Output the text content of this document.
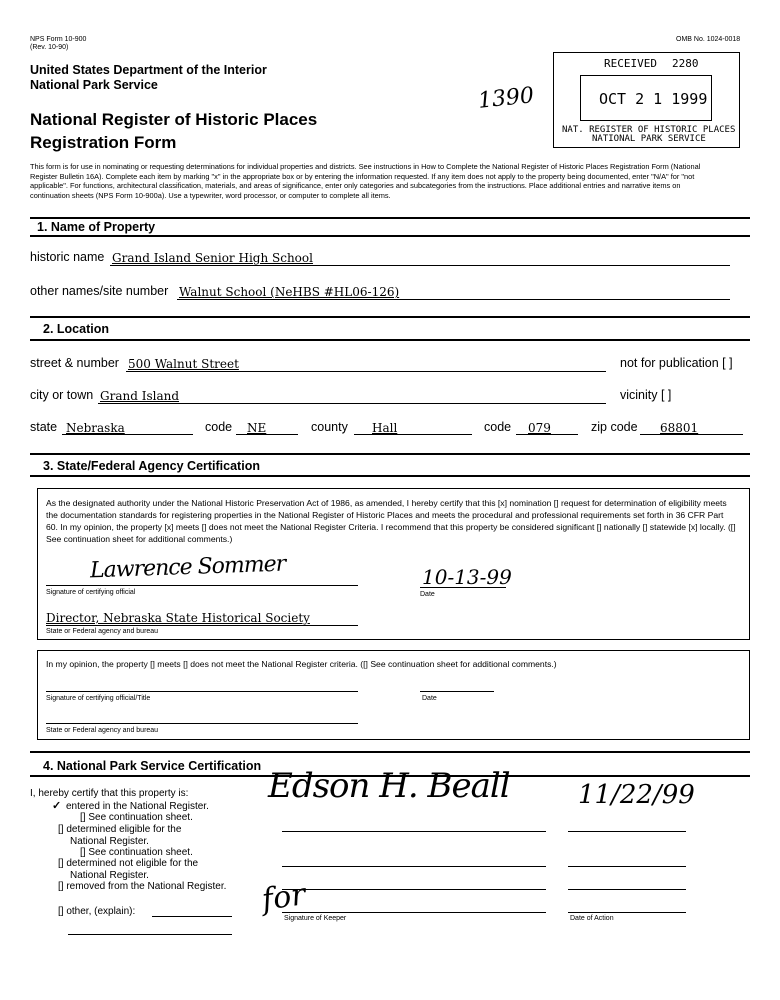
NPS Form 10-900
(Rev. 10-90)
OMB No. 1024-0018
United States Department of the Interior
National Park Service
National Register of Historic Places
Registration Form
1390
RECEIVED 2280
OCT 2 1 1999
NAT. REGISTER OF HISTORIC PLACES
NATIONAL PARK SERVICE
This form is for use in nominating or requesting determinations for individual properties and districts. See instructions in How to Complete the National Register of Historic Places Registration Form (National Register Bulletin 16A). Complete each item by marking "x" in the appropriate box or by entering the information requested. If any item does not apply to the property being documented, enter "N/A" for "not applicable". For functions, architectural classification, materials, and areas of significance, enter only categories and subcategories from the instructions. Place additional entries and narrative items on continuation sheets (NPS Form 10-900a). Use a typewriter, word processor, or computer to complete all items.
1. Name of Property
historic name Grand Island Senior High School
other names/site number Walnut School (NeHBS #HL06-126)
2. Location
street & number 500 Walnut Street	not for publication [ ]
city or town Grand Island	vicinity [ ]
state Nebraska	code NE	county Hall	code 079	zip code 68801
3. State/Federal Agency Certification
As the designated authority under the National Historic Preservation Act of 1986, as amended, I hereby certify that this [x] nomination [] request for determination of eligibility meets the documentation standards for registering properties in the National Register of Historic Places and meets the procedural and professional requirements set forth in 36 CFR Part 60. In my opinion, the property [x] meets [] does not meet the National Register Criteria. I recommend that this property be considered significant [] nationally [] statewide [x] locally. ([] See continuation sheet for additional comments.)
Lawrence Sommer
Signature of certifying official
10-13-99
Date
Director, Nebraska State Historical Society
State or Federal agency and bureau
In my opinion, the property [] meets [] does not meet the National Register criteria. ([] See continuation sheet for additional comments.)
Signature of certifying official/Title	Date
State or Federal agency and bureau
4. National Park Service Certification
I, hereby certify that this property is:
✓ entered in the National Register.
[] See continuation sheet.
[] determined eligible for the
National Register.
[] See continuation sheet.
[] determined not eligible for the
National Register.
[] removed from the National Register.
[] other, (explain):
Edson H. Beall	11/22/99
for
Signature of Keeper	Date of Action
